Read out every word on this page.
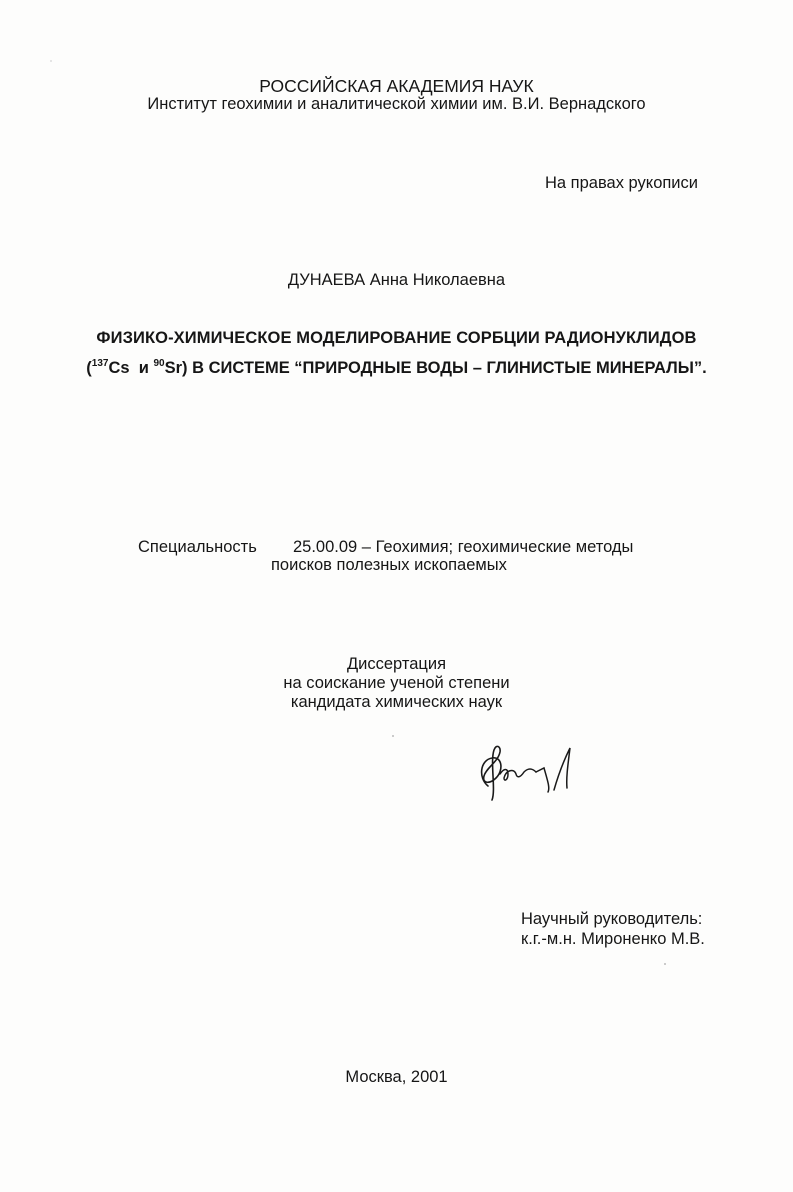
РОССИЙСКАЯ АКАДЕМИЯ НАУК
Институт геохимии и аналитической химии им. В.И. Вернадского
На правах рукописи
ДУНАЕВА Анна Николаевна
ФИЗИКО-ХИМИЧЕСКОЕ МОДЕЛИРОВАНИЕ СОРБЦИИ РАДИОНУКЛИДОВ
($^{137}$Cs  и $^{90}$Sr) В СИСТЕМЕ “ПРИРОДНЫЕ ВОДЫ – ГЛИНИСТЫЕ МИНЕРАЛЫ”.
Специальность 25.00.09 – Геохимия; геохимические методы
поисков полезных ископаемых
Диссертация
на соискание ученой степени
кандидата химических наук
Научный руководитель:
к.г.-м.н. Мироненко М.В.
Москва, 2001
